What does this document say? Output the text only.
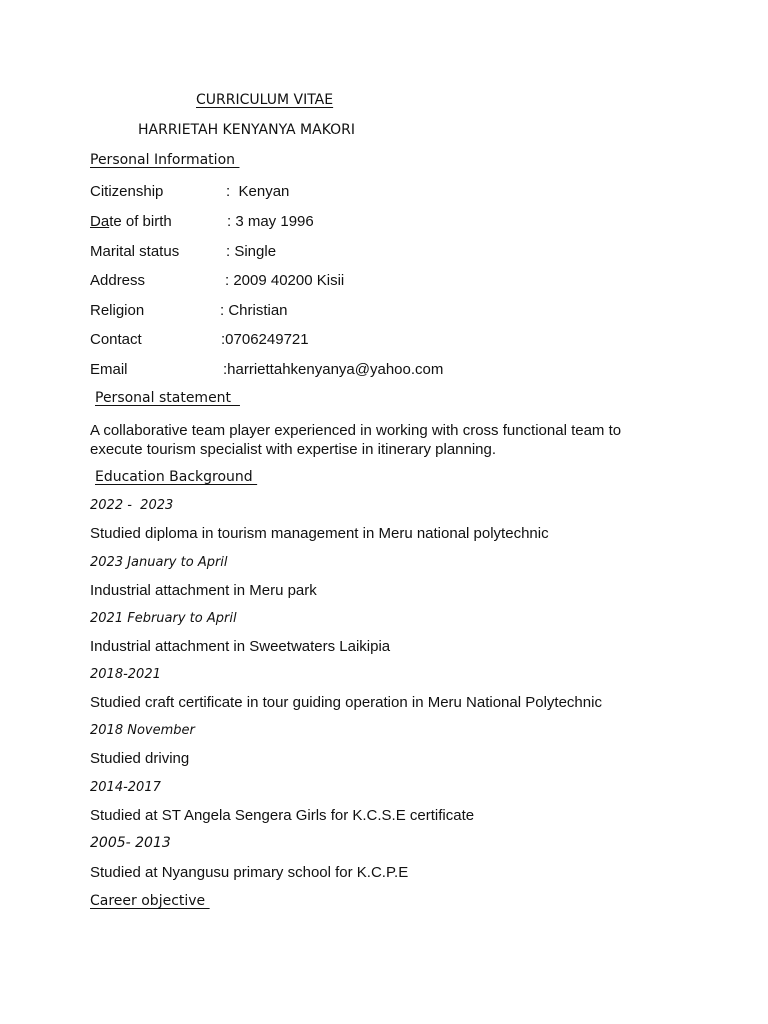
CURRICULUM VITAE
HARRIETAH KENYANYA MAKORI
Personal Information
Citizenship	:  Kenyan
Date of birth	: 3 may 1996
Marital status	: Single
Address	: 2009 40200 Kisii
Religion	: Christian
Contact	:0706249721
Email	:harriettahkenyanya@yahoo.com
Personal statement
A collaborative team player experienced in working with cross functional team to execute tourism specialist with expertise in itinerary planning.
Education Background
2022 -  2023
Studied diploma in tourism management in Meru national polytechnic
2023 January to April
Industrial attachment in Meru park
2021 February to April
Industrial attachment in Sweetwaters Laikipia
2018-2021
Studied craft certificate in tour guiding operation in Meru National Polytechnic
2018 November
Studied driving
2014-2017
Studied at ST Angela Sengera Girls for K.C.S.E certificate
2005- 2013
Studied at Nyangusu primary school for K.C.P.E
Career objective
